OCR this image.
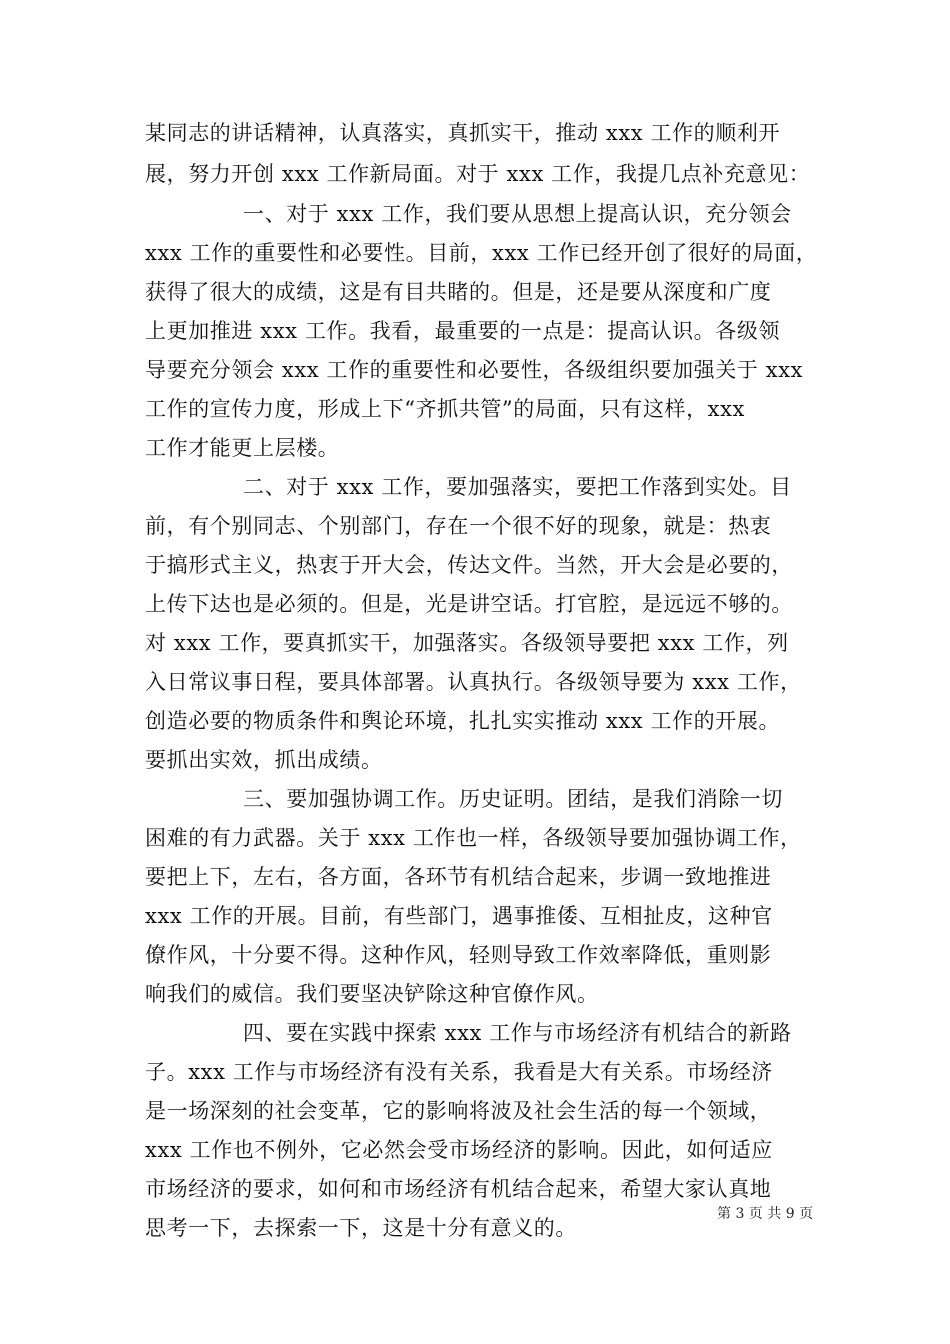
某同志的讲话精神，认真落实，真抓实干，推动 xxx 工作的顺利开
展，努力开创 xxx 工作新局面。对于 xxx 工作，我提几点补充意见：
一、对于 xxx 工作，我们要从思想上提高认识，充分领会
xxx 工作的重要性和必要性。目前，xxx 工作已经开创了很好的局面，
获得了很大的成绩，这是有目共睹的。但是，还是要从深度和广度
上更加推进 xxx 工作。我看，最重要的一点是：提高认识。各级领
导要充分领会 xxx 工作的重要性和必要性，各级组织要加强关于 xxx
工作的宣传力度，形成上下“齐抓共管”的局面，只有这样，xxx
工作才能更上层楼。
二、对于 xxx 工作，要加强落实，要把工作落到实处。目
前，有个别同志、个别部门，存在一个很不好的现象，就是：热衷
于搞形式主义，热衷于开大会，传达文件。当然，开大会是必要的，
上传下达也是必须的。但是，光是讲空话。打官腔，是远远不够的。
对 xxx 工作，要真抓实干，加强落实。各级领导要把 xxx 工作，列
入日常议事日程，要具体部署。认真执行。各级领导要为 xxx 工作，
创造必要的物质条件和舆论环境，扎扎实实推动 xxx 工作的开展。
要抓出实效，抓出成绩。
三、要加强协调工作。历史证明。团结，是我们消除一切
困难的有力武器。关于 xxx 工作也一样，各级领导要加强协调工作，
要把上下，左右，各方面，各环节有机结合起来，步调一致地推进
xxx 工作的开展。目前，有些部门，遇事推倭、互相扯皮，这种官
僚作风，十分要不得。这种作风，轻则导致工作效率降低，重则影
响我们的威信。我们要坚决铲除这种官僚作风。
四、要在实践中探索 xxx 工作与市场经济有机结合的新路
子。xxx 工作与市场经济有没有关系，我看是大有关系。市场经济
是一场深刻的社会变革，它的影响将波及社会生活的每一个领域，
xxx 工作也不例外，它必然会受市场经济的影响。因此，如何适应
市场经济的要求，如何和市场经济有机结合起来，希望大家认真地
思考一下，去探索一下，这是十分有意义的。
第 3 页 共 9 页
